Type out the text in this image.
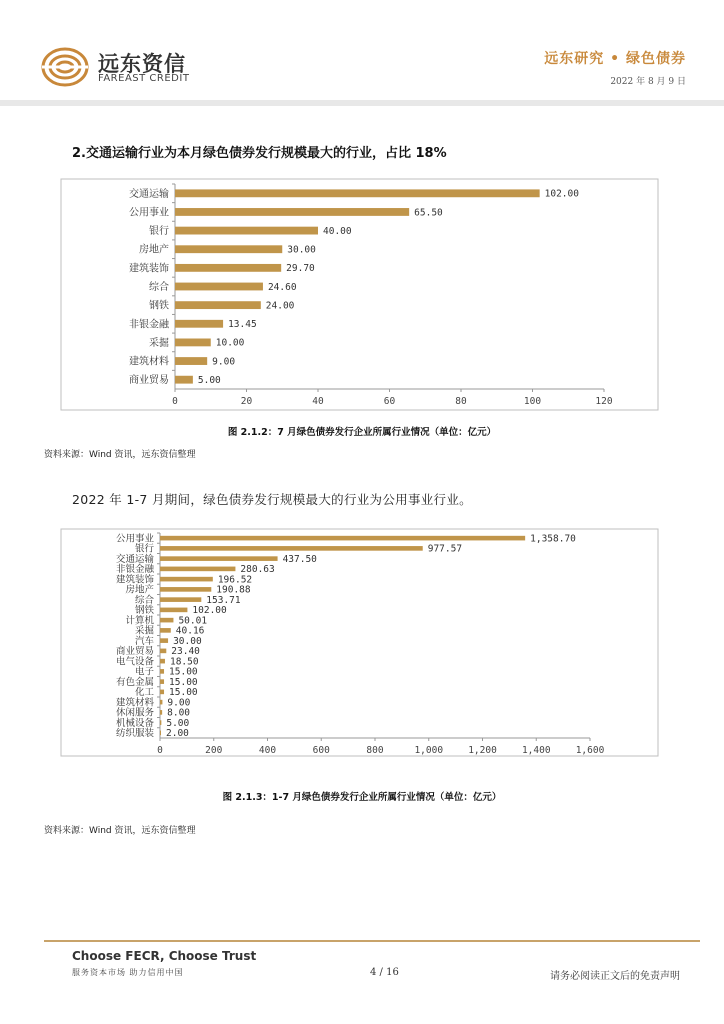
远东资信
FAREAST CREDIT
远东研究 • 绿色债券
2022 年 8 月 9 日
2.交通运输行业为本月绿色债券发行规模最大的行业，占比 18%
0	20	40	60	80	100	120
交通运输	102.00
公用事业	65.50
银行	40.00
房地产	30.00
建筑装饰	29.70
综合	24.60
钢铁	24.00
非银金融	13.45
采掘	10.00
建筑材料	9.00
商业贸易	5.00
图 2.1.2：7 月绿色债券发行企业所属行业情况（单位：亿元）
资料来源：Wind 资讯，远东资信整理
2022 年 1-7 月期间，绿色债券发行规模最大的行业为公用事业行业。
0	200	400	600	800	1,000	1,200	1,400	1,600
公用事业	1,358.70
银行	977.57
交通运输	437.50
非银金融	280.63
建筑装饰	196.52
房地产	190.88
综合	153.71
钢铁	102.00
计算机	50.01
采掘 40.16
汽车 30.00
商业贸易 23.40
电气设备 18.50
电子 15.00
有色金属 15.00
化工 15.00
建筑材料 9.00
休闲服务 8.00
机械设备 5.00
纺织服装 2.00
图 2.1.3：1-7 月绿色债券发行企业所属行业情况（单位：亿元）
资料来源：Wind 资讯，远东资信整理
Choose FECR, Choose Trust
服务资本市场 助力信用中国	4 / 16	请务必阅读正文后的免责声明
